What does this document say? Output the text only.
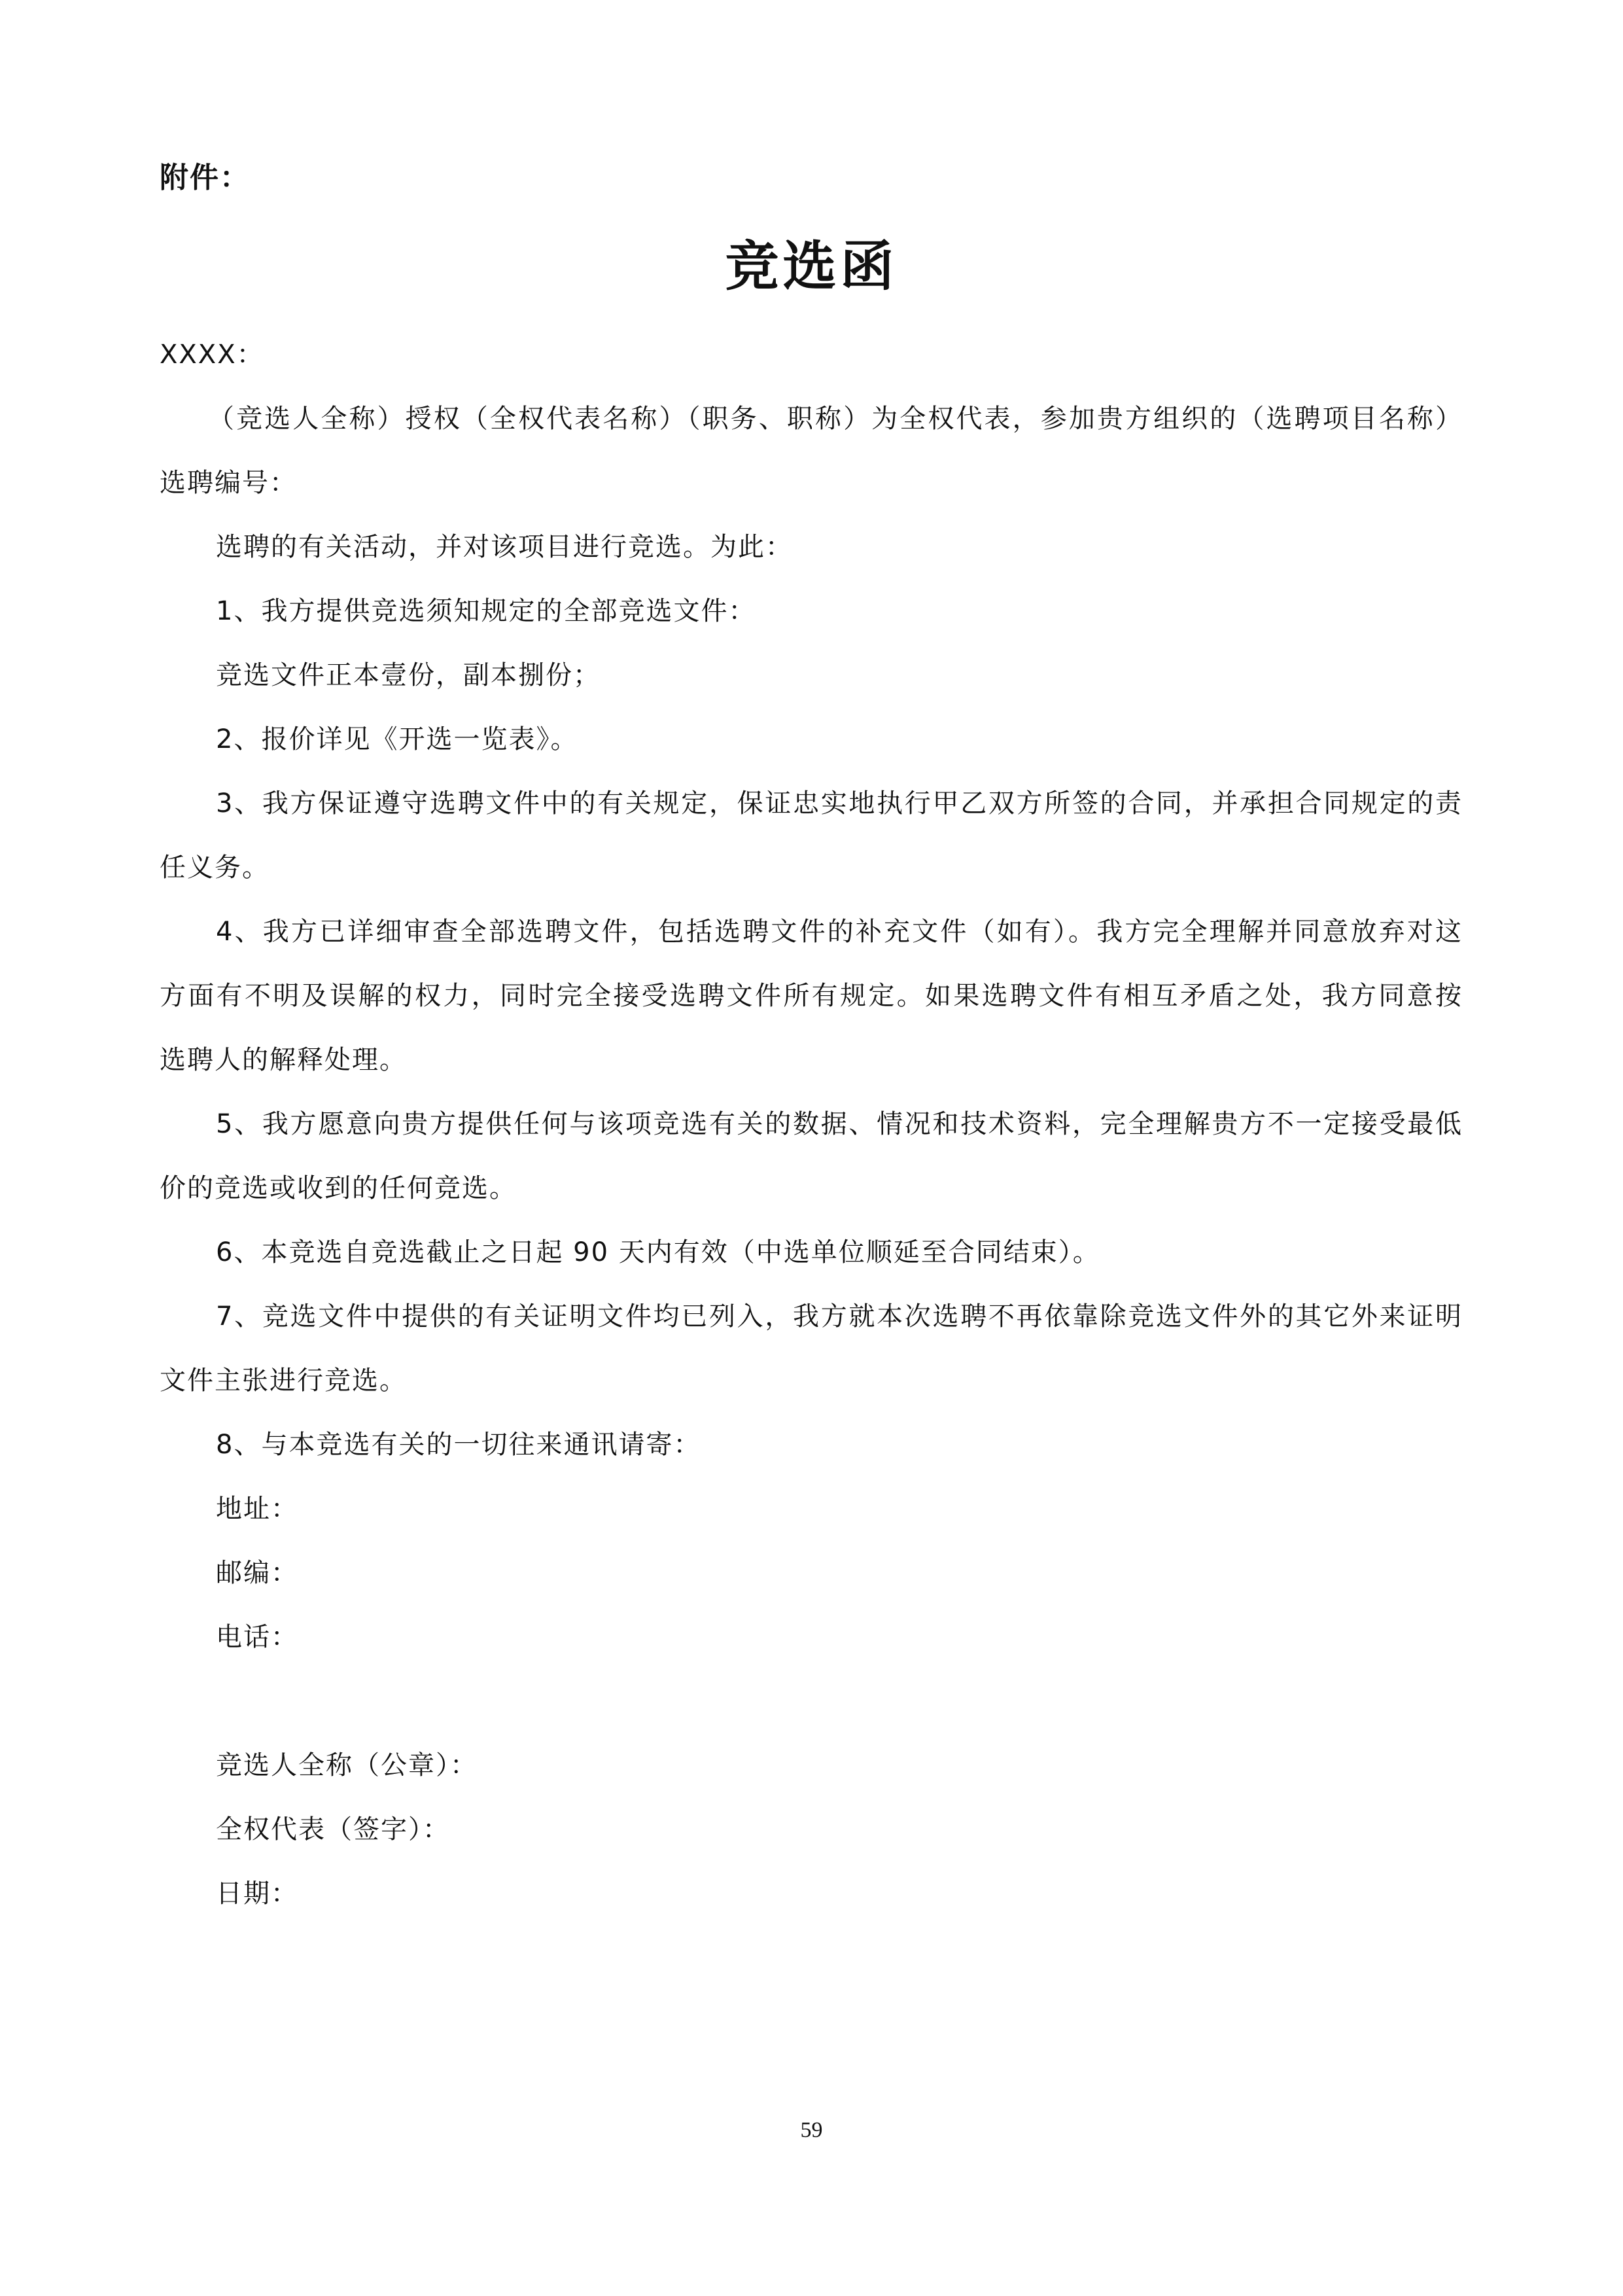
附件：
竞选函
XXXX：
（竞选人全称）授权（全权代表名称）（职务、职称）为全权代表，参加贵方组织的（选聘项目名称）
选聘编号：
选聘的有关活动，并对该项目进行竞选。为此：
1、我方提供竞选须知规定的全部竞选文件：
竞选文件正本壹份，副本捌份；
2、报价详见《开选一览表》。
3、我方保证遵守选聘文件中的有关规定，保证忠实地执行甲乙双方所签的合同，并承担合同规定的责
任义务。
4、我方已详细审查全部选聘文件，包括选聘文件的补充文件（如有）。我方完全理解并同意放弃对这
方面有不明及误解的权力，同时完全接受选聘文件所有规定。如果选聘文件有相互矛盾之处，我方同意按
选聘人的解释处理。
5、我方愿意向贵方提供任何与该项竞选有关的数据、情况和技术资料，完全理解贵方不一定接受最低
价的竞选或收到的任何竞选。
6、本竞选自竞选截止之日起 90 天内有效（中选单位顺延至合同结束）。
7、竞选文件中提供的有关证明文件均已列入，我方就本次选聘不再依靠除竞选文件外的其它外来证明
文件主张进行竞选。
8、与本竞选有关的一切往来通讯请寄：
地址：
邮编：
电话：
竞选人全称（公章）：
全权代表（签字）：
日期：
59
